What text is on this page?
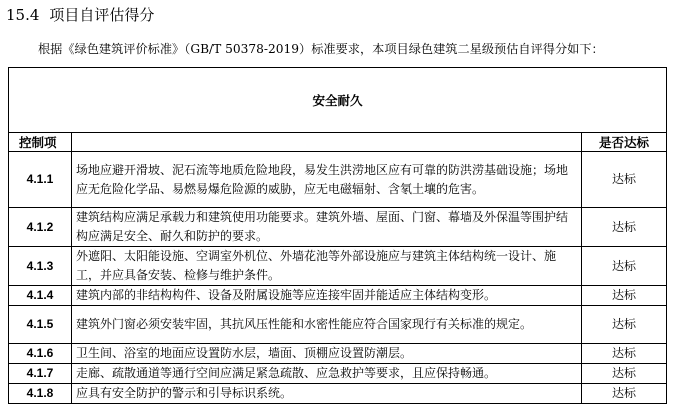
15.4 项目自评估得分
根据《绿色建筑评价标准》（GB/T 50378-2019）标准要求，本项目绿色建筑二星级预估自评得分如下：
安全耐久		
控制项		是否达标
4.1.1	场地应避开滑坡、泥石流等地质危险地段，易发生洪涝地区应有可靠的防洪涝基础设施；场地应无危险化学品、易燃易爆危险源的威胁，应无电磁辐射、含氡土壤的危害。	达标
4.1.2	建筑结构应满足承载力和建筑使用功能要求。建筑外墙、屋面、门窗、幕墙及外保温等围护结构应满足安全、耐久和防护的要求。	达标
4.1.3	外遮阳、太阳能设施、空调室外机位、外墙花池等外部设施应与建筑主体结构统一设计、施工，并应具备安装、检修与维护条件。	达标
4.1.4	建筑内部的非结构构件、设备及附属设施等应连接牢固并能适应主体结构变形。	达标
4.1.5	建筑外门窗必须安装牢固，其抗风压性能和水密性能应符合国家现行有关标准的规定。	达标
4.1.6	卫生间、浴室的地面应设置防水层，墙面、顶棚应设置防潮层。	达标
4.1.7	走廊、疏散通道等通行空间应满足紧急疏散、应急救护等要求，且应保持畅通。	达标
4.1.8	应具有安全防护的警示和引导标识系统。	达标
